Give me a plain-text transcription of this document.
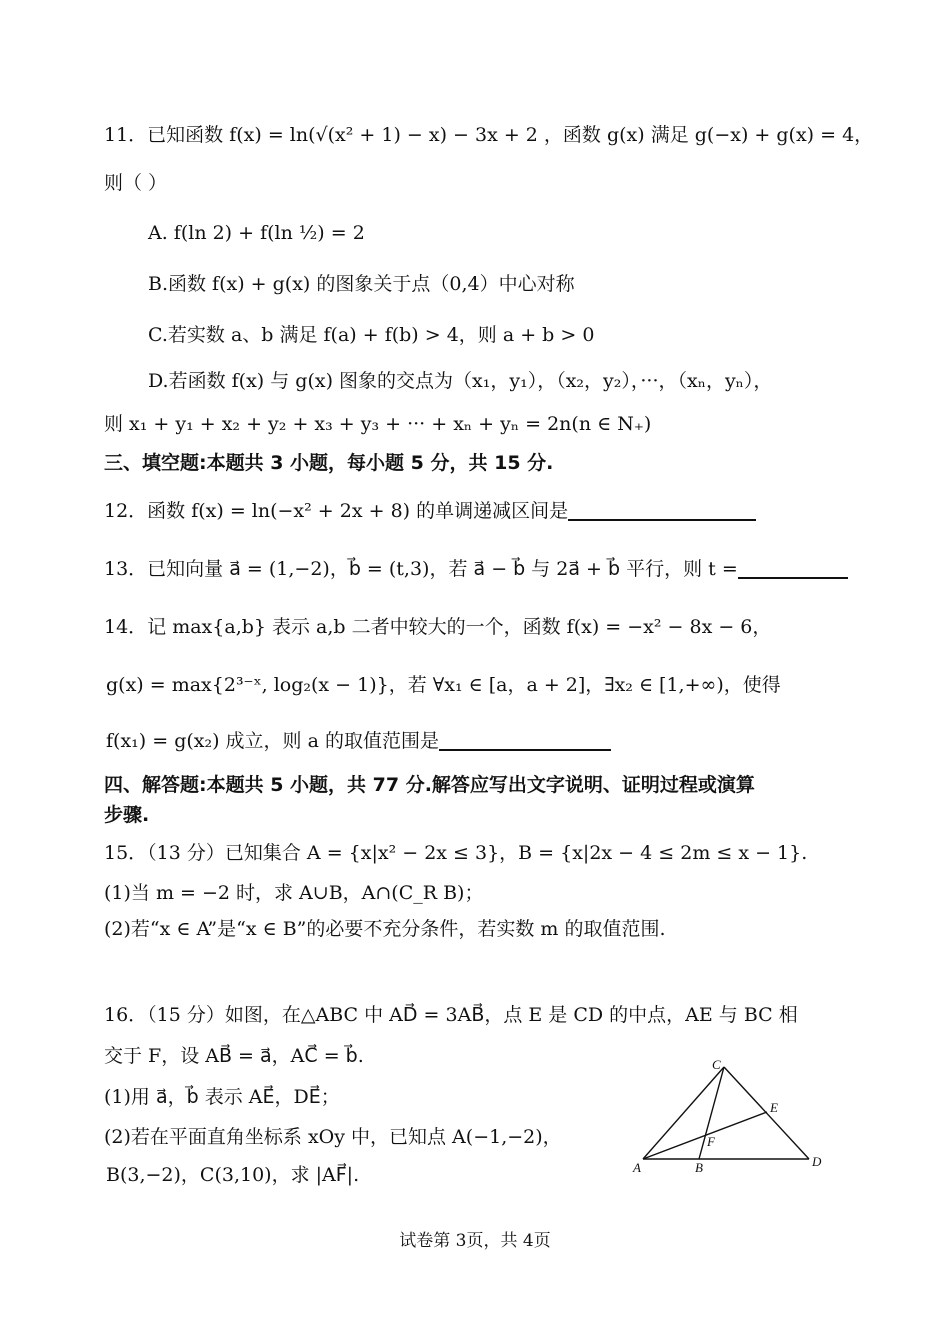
11．已知函数 f(x) = ln(√(x² + 1) − x) − 3x + 2 ，函数 g(x) 满足 g(−x) + g(x) = 4，
则（ ）
A. f(ln 2) + f(ln ½) = 2
B.函数 f(x) + g(x) 的图象关于点（0,4）中心对称
C.若实数 a、b 满足 f(a) + f(b) > 4，则 a + b > 0
D.若函数 f(x) 与 g(x) 图象的交点为（x₁，y₁），（x₂，y₂），···，（xₙ，yₙ），
则 x₁ + y₁ + x₂ + y₂ + x₃ + y₃ + ··· + xₙ + yₙ = 2n(n ∈ N₊)
三、填空题:本题共 3 小题，每小题 5 分，共 15 分.
12．函数 f(x) = ln(−x² + 2x + 8) 的单调递减区间是
13．已知向量 a⃗ = (1,−2)，b⃗ = (t,3)，若 a⃗ − b⃗ 与 2a⃗ + b⃗ 平行，则 t =
14．记 max{a,b} 表示 a,b 二者中较大的一个，函数 f(x) = −x² − 8x − 6，
g(x) = max{2³⁻ˣ, log₂(x − 1)}，若 ∀x₁ ∈ [a，a + 2]，∃x₂ ∈ [1,+∞)，使得
f(x₁) = g(x₂) 成立，则 a 的取值范围是
四、解答题:本题共 5 小题，共 77 分.解答应写出文字说明、证明过程或演算
步骤.
15．（13 分）已知集合 A = {x|x² − 2x ≤ 3}，B = {x|2x − 4 ≤ 2m ≤ x − 1}.
(1)当 m = −2 时，求 A∪B，A∩(C_R B)；
(2)若“x ∈ A”是“x ∈ B”的必要不充分条件，若实数 m 的取值范围.
16．（15 分）如图，在△ABC 中 AD⃗ = 3AB⃗，点 E 是 CD 的中点，AE 与 BC 相
交于 F，设 AB⃗ = a⃗，AC⃗ = b⃗.
(1)用 a⃗，b⃗ 表示 AE⃗，DE⃗；
(2)若在平面直角坐标系 xOy 中，已知点 A(−1,−2)，
B(3,−2)，C(3,10)，求 |AF⃗|.
C
E
F
A	B	D
试卷第 3页，共 4页
